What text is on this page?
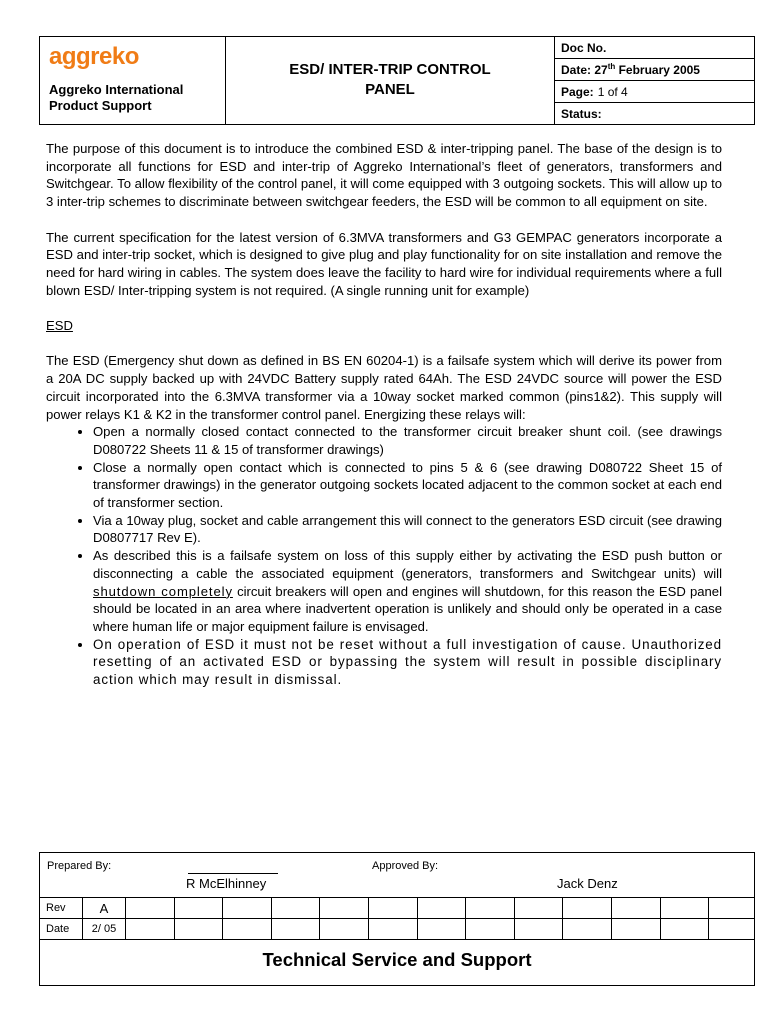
aggreko
Aggreko International
Product Support
ESD/ INTER-TRIP CONTROL
PANEL
Doc No.
Date: 27th February 2005
Page: 1 of 4
Status:

The purpose of this document is to introduce the combined ESD & inter-tripping panel. The base of the design is to incorporate all functions for ESD and inter-trip of Aggreko International’s fleet of generators, transformers and Switchgear. To allow flexibility of the control panel, it will come equipped with 3 outgoing sockets. This will allow up to 3 inter-trip schemes to discriminate between switchgear feeders, the ESD will be common to all equipment on site.

The current specification for the latest version of 6.3MVA transformers and G3 GEMPAC generators incorporate a ESD and inter-trip socket, which is designed to give plug and play functionality for on site installation and remove the need for hard wiring in cables. The system does leave the facility to hard wire for individual requirements where a full blown ESD/ Inter-tripping system is not required. (A single running unit for example)

ESD

The ESD (Emergency shut down as defined in BS EN 60204-1) is a failsafe system which will derive its power from a 20A DC supply backed up with 24VDC Battery supply rated 64Ah. The ESD 24VDC source will power the ESD circuit incorporated into the 6.3MVA transformer via a 10way socket marked common (pins1&2). This supply will power relays K1 & K2 in the transformer control panel. Energizing these relays will:

• Open a normally closed contact connected to the transformer circuit breaker shunt coil. (see drawings D080722 Sheets 11 & 15 of transformer drawings)
• Close a normally open contact which is connected to pins 5 & 6 (see drawing D080722 Sheet 15 of transformer drawings) in the generator outgoing sockets located adjacent to the common socket at each end of transformer section.
• Via a 10way plug, socket and cable arrangement this will connect to the generators ESD circuit (see drawing D0807717 Rev E).
• As described this is a failsafe system on loss of this supply either by activating the ESD push button or disconnecting a cable the associated equipment (generators, transformers and Switchgear units) will shutdown completely circuit breakers will open and engines will shutdown, for this reason the ESD panel should be located in an area where inadvertent operation is unlikely and should only be operated in a case where human life or major equipment failure is envisaged.
• On operation of ESD it must not be reset without a full investigation of cause. Unauthorized resetting of an activated ESD or bypassing the system will result in possible disciplinary action which may result in dismissal.
Prepared By:
R McElhinney
Approved By:
Jack Denz
Rev	A													
Date	2/ 05													
Technical Service and Support
